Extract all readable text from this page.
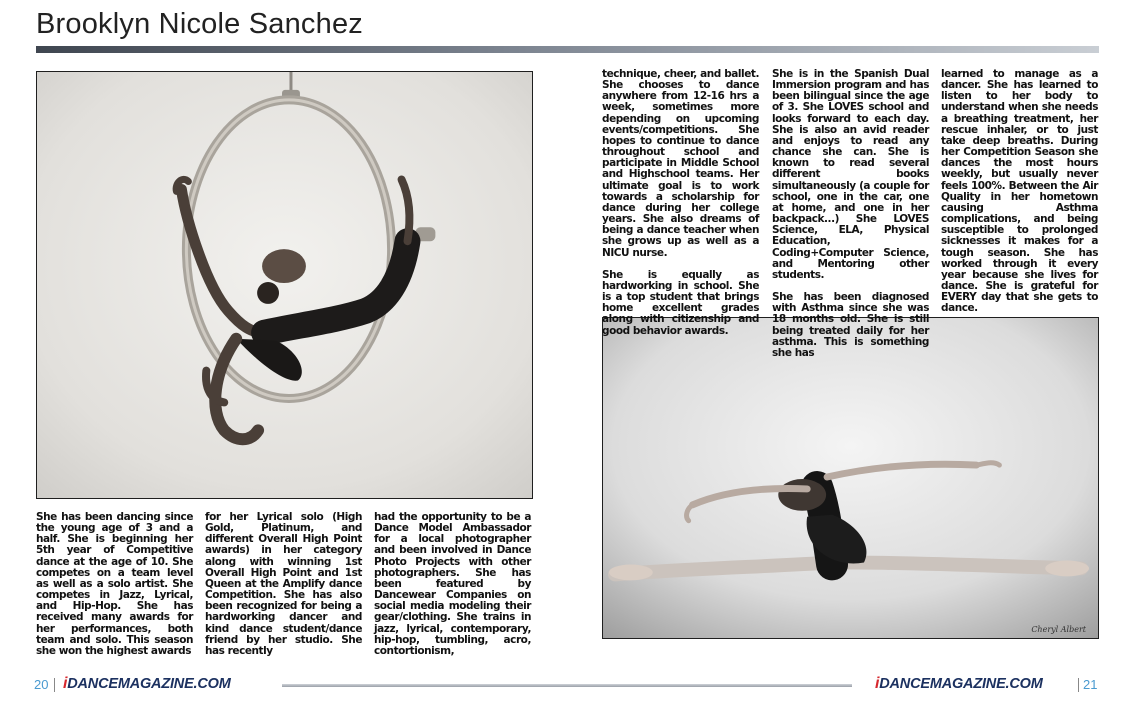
Brooklyn Nicole Sanchez
Cheryl Albert
She has been dancing since the young age of 3 and a half. She is beginning her 5th year of Competitive dance at the age of 10. She competes on a team level as well as a solo artist. She competes in Jazz, Lyrical, and Hip-Hop. She has received many awards for her performances, both team and solo. This season she won the highest awards
for her Lyrical solo (High Gold, Platinum, and different Overall High Point awards) in her category along with winning 1st Overall High Point and 1st Queen at the Amplify dance Competition. She has also been recognized for being a hardworking dancer and kind dance student/dance friend by her studio. She has recently
had the opportunity to be a Dance Model Ambassador for a local photographer and been involved in Dance Photo Projects with other photographers. She has been featured by Dancewear Companies on social media modeling their gear/clothing. She trains in jazz, lyrical, contemporary, hip-hop, tumbling, acro, contortionism,
technique, cheer, and ballet. She chooses to dance anywhere from 12-16 hrs a week, sometimes more depending on upcoming events/competitions. She hopes to continue to dance throughout school and participate in Middle School and Highschool teams. Her ultimate goal is to work towards a scholarship for dance during her college years. She also dreams of being a dance teacher when she grows up as well as a NICU nurse.

She is equally as hardworking in school. She is a top student that brings home excellent grades along with citizenship and good behavior awards.
She is in the Spanish Dual Immersion program and has been bilingual since the age of 3. She LOVES school and looks forward to each day. She is also an avid reader and enjoys to read any chance she can. She is known to read several different books simultaneously (a couple for school, one in the car, one at home, and one in her backpack...) She LOVES Science, ELA, Physical Education, Coding+Computer Science, and Mentoring other students.

She has been diagnosed with Asthma since she was 18 months old. She is still being treated daily for her asthma. This is something she has
learned to manage as a dancer. She has learned to listen to her body to understand when she needs a breathing treatment, her rescue inhaler, or to just take deep breaths. During her Competition Season she dances the most hours weekly, but usually never feels 100%. Between the Air Quality in her hometown causing Asthma complications, and being susceptible to prolonged sicknesses it makes for a tough season. She has worked through it every year because she lives for dance. She is grateful for EVERY day that she gets to dance.
20 iDANCEMAGAZINE.COM	iDANCEMAGAZINE.COM	21
